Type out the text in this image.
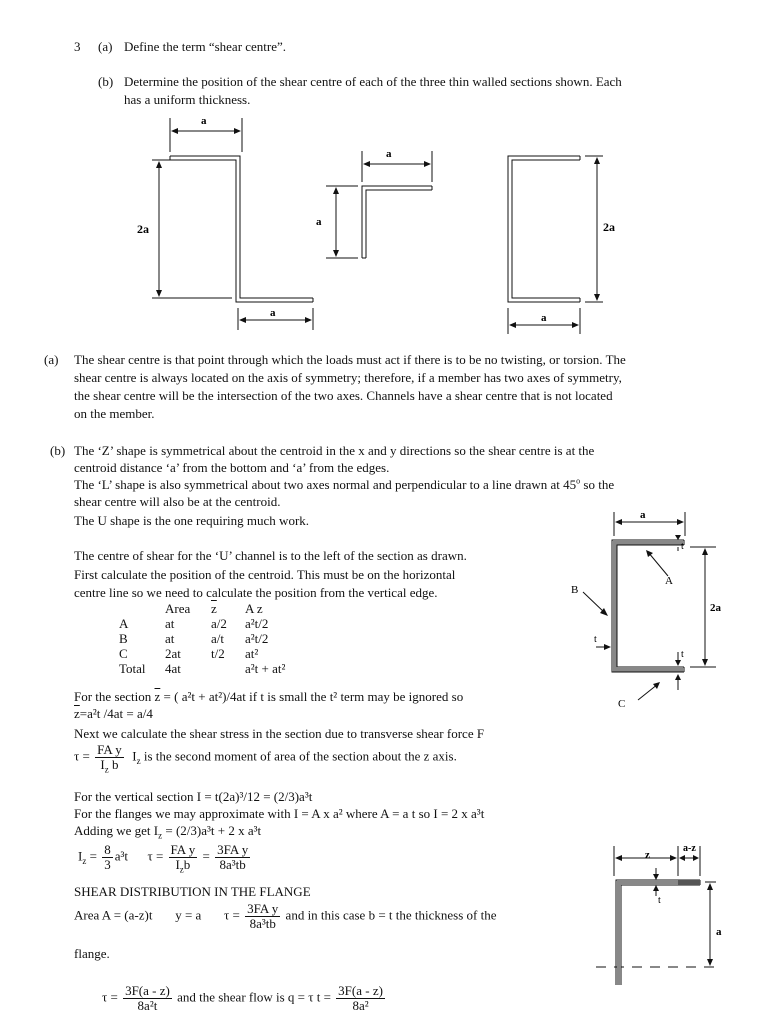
3 (a) Define the term “shear centre”.
(b) Determine the position of the shear centre of each of the three thin walled sections shown. Each
has a uniform thickness.
a
2a
a
a
a	2a
a
a
2a
t
t
t
A
B
C
z
a-z
t
a
(a) The shear centre is that point through which the loads must act if there is to be no twisting, or torsion. The
shear centre is always located on the axis of symmetry; therefore, if a member has two axes of symmetry,
the shear centre will be the intersection of the two axes. Channels have a shear centre that is not located
on the member.
(b) The ‘Z’ shape is symmetrical about the centroid in the x and y directions so the shear centre is at the
centroid distance ‘a’ from the bottom and ‘a’ from the edges.
The ‘L’ shape is also symmetrical about two axes normal and perpendicular to a line drawn at 45$^o$ so the
shear centre will also be at the centroid.
The U shape is the one requiring much work.
The centre of shear for the ‘U’ channel is to the left of the section as drawn.
First calculate the position of the centroid. This must be on the horizontal
centre line so we need to calculate the position from the vertical edge.
	Area	$\overline{z}$	A z
A	at	a/2	a²t/2
B	at	a/t	a²t/2
C	2at	t/2	at²
Total	4at		a²t + at²
For the section $\overline{z}$ = ( a²t + at²)/4at if t is small the t² term may be ignored so
$\overline{z}=a^2t$ /4at = a/4
Next we calculate the shear stress in the section due to transverse shear force F
$\tau = \frac{\text{FA y}}{I_z b} I_z$ is the second moment of area of the section about the z axis.
For the vertical section I = t(2a)³/12 = (2/3)a³t
For the flanges we may approximate with I = A x a² where A = a t so I = 2 x a³t
Adding we get $I_z = (2/3)a^3t + 2$ x a³t
$I_z = \frac{8}{3} a^3t$ $\tau = \frac{\text{FA y}}{I_zb} = \frac{\text{3FA y}}{\text{8a³tb}}$
SHEAR DISTRIBUTION IN THE FLANGE
Area A = (a-z)t y = a $\tau = \frac{\text{3FA y}}{\text{8a³tb}}$ and in this case b = t the thickness of the
flange.
$\tau = \frac{3F(a - z)}{\text{8a²t}}$ and the shear flow is q = τ $t = \frac{3F(a - z)}{\text{8a²}}$
